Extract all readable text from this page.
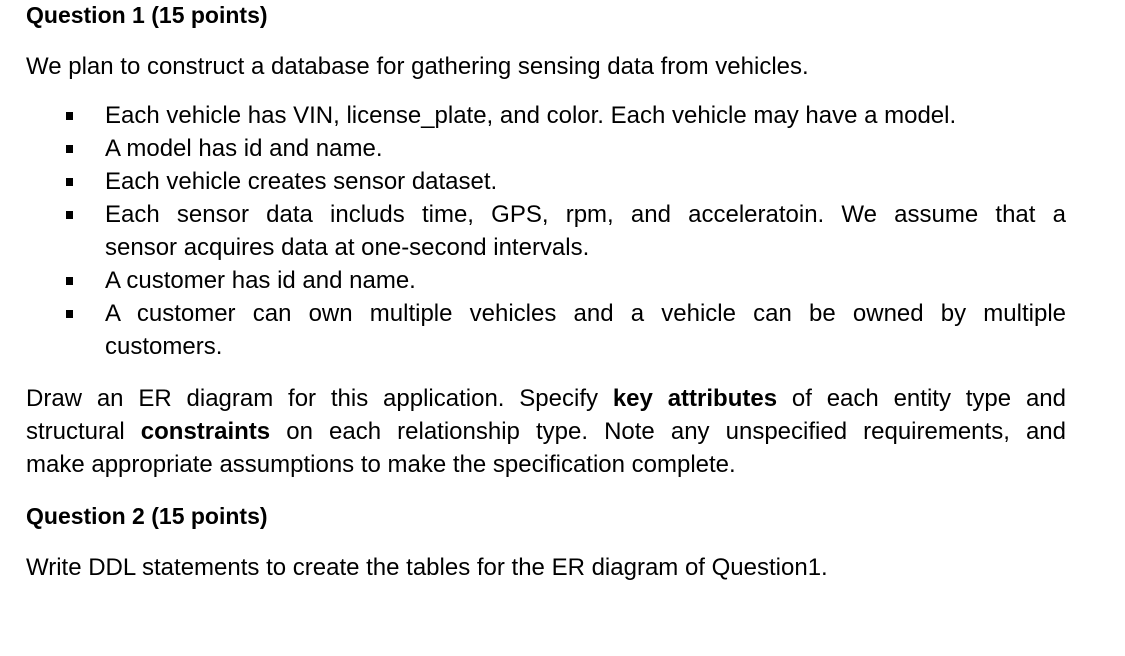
Question 1 (15 points)

We plan to construct a database for gathering sensing data from vehicles.

Each vehicle has VIN, license_plate, and color. Each vehicle may have a model.
A model has id and name.
Each vehicle creates sensor dataset.
Each sensor data includs time, GPS, rpm, and acceleratoin. We assume that a
sensor acquires data at one-second intervals.
A customer has id and name.
A customer can own multiple vehicles and a vehicle can be owned by multiple
customers.
Draw an ER diagram for this application. Specify key attributes of each entity type and
structural constraints on each relationship type. Note any unspecified requirements, and
make appropriate assumptions to make the specification complete.
Question 2 (15 points)

Write DDL statements to create the tables for the ER diagram of Question1.
